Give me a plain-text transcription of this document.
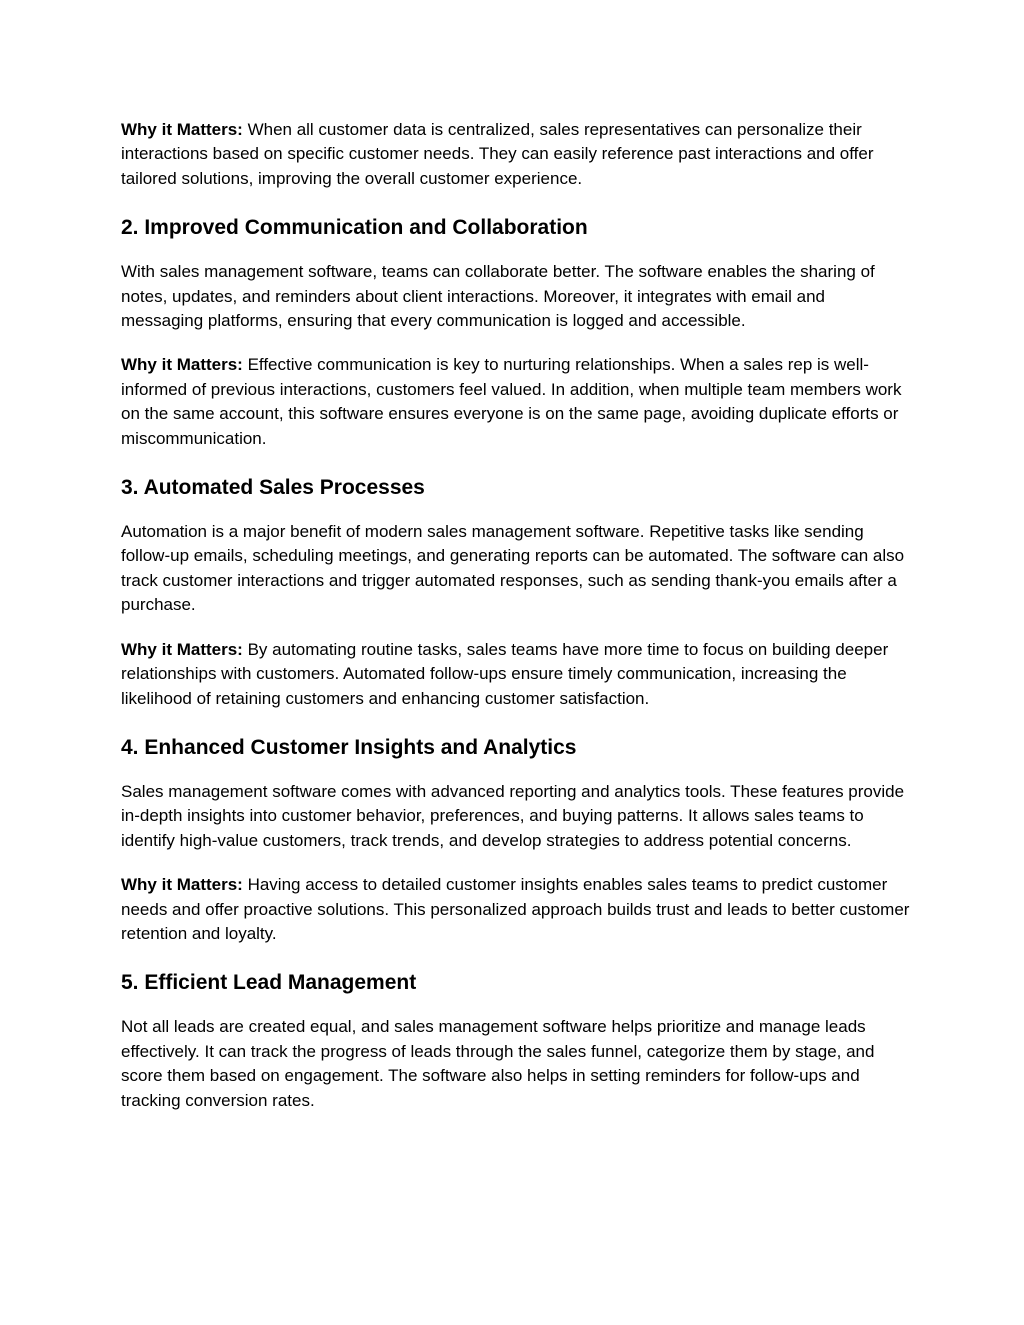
Why it Matters: When all customer data is centralized, sales representatives can personalize their interactions based on specific customer needs. They can easily reference past interactions and offer tailored solutions, improving the overall customer experience.

2. Improved Communication and Collaboration

With sales management software, teams can collaborate better. The software enables the sharing of notes, updates, and reminders about client interactions. Moreover, it integrates with email and messaging platforms, ensuring that every communication is logged and accessible.

Why it Matters: Effective communication is key to nurturing relationships. When a sales rep is well-informed of previous interactions, customers feel valued. In addition, when multiple team members work on the same account, this software ensures everyone is on the same page, avoiding duplicate efforts or miscommunication.

3. Automated Sales Processes

Automation is a major benefit of modern sales management software. Repetitive tasks like sending follow-up emails, scheduling meetings, and generating reports can be automated. The software can also track customer interactions and trigger automated responses, such as sending thank-you emails after a purchase.

Why it Matters: By automating routine tasks, sales teams have more time to focus on building deeper relationships with customers. Automated follow-ups ensure timely communication, increasing the likelihood of retaining customers and enhancing customer satisfaction.

4. Enhanced Customer Insights and Analytics

Sales management software comes with advanced reporting and analytics tools. These features provide in-depth insights into customer behavior, preferences, and buying patterns. It allows sales teams to identify high-value customers, track trends, and develop strategies to address potential concerns.

Why it Matters: Having access to detailed customer insights enables sales teams to predict customer needs and offer proactive solutions. This personalized approach builds trust and leads to better customer retention and loyalty.

5. Efficient Lead Management

Not all leads are created equal, and sales management software helps prioritize and manage leads effectively. It can track the progress of leads through the sales funnel, categorize them by stage, and score them based on engagement. The software also helps in setting reminders for follow-ups and tracking conversion rates.
